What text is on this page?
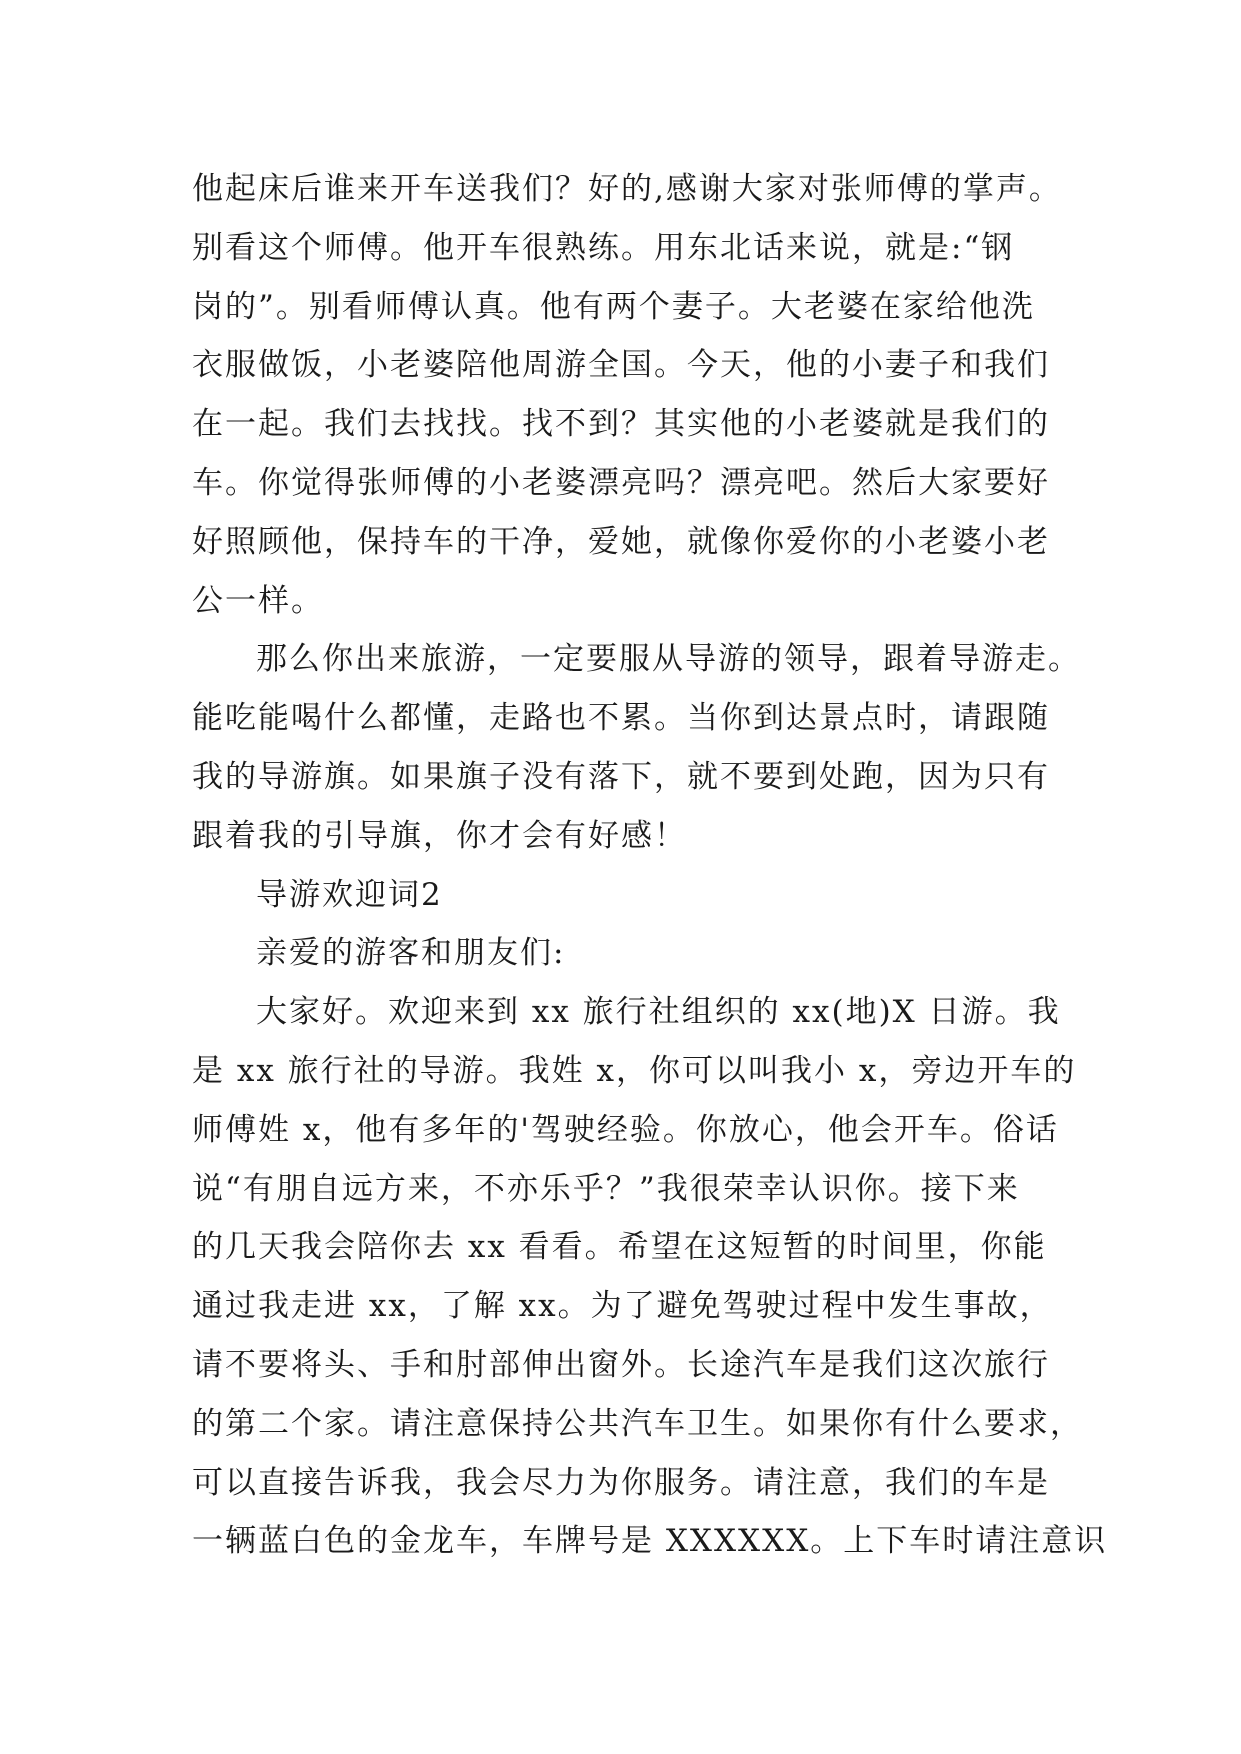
他起床后谁来开车送我们？好的,感谢大家对张师傅的掌声。
别看这个师傅。他开车很熟练。用东北话来说，就是:“钢
岗的”。别看师傅认真。他有两个妻子。大老婆在家给他洗
衣服做饭，小老婆陪他周游全国。今天，他的小妻子和我们
在一起。我们去找找。找不到？其实他的小老婆就是我们的
车。你觉得张师傅的小老婆漂亮吗？漂亮吧。然后大家要好
好照顾他，保持车的干净，爱她，就像你爱你的小老婆小老
公一样。
那么你出来旅游，一定要服从导游的领导，跟着导游走。
能吃能喝什么都懂，走路也不累。当你到达景点时，请跟随
我的导游旗。如果旗子没有落下，就不要到处跑，因为只有
跟着我的引导旗，你才会有好感！
导游欢迎词2
亲爱的游客和朋友们:
大家好。欢迎来到 xx 旅行社组织的 xx(地)X 日游。我
是 xx 旅行社的导游。我姓 x，你可以叫我小 x，旁边开车的
师傅姓 x，他有多年的'驾驶经验。你放心，他会开车。俗话
说“有朋自远方来，不亦乐乎？”我很荣幸认识你。接下来
的几天我会陪你去 xx 看看。希望在这短暂的时间里，你能
通过我走进 xx，了解 xx。为了避免驾驶过程中发生事故，
请不要将头、手和肘部伸出窗外。长途汽车是我们这次旅行
的第二个家。请注意保持公共汽车卫生。如果你有什么要求，
可以直接告诉我，我会尽力为你服务。请注意，我们的车是
一辆蓝白色的金龙车，车牌号是 XXXXXX。上下车时请注意识
